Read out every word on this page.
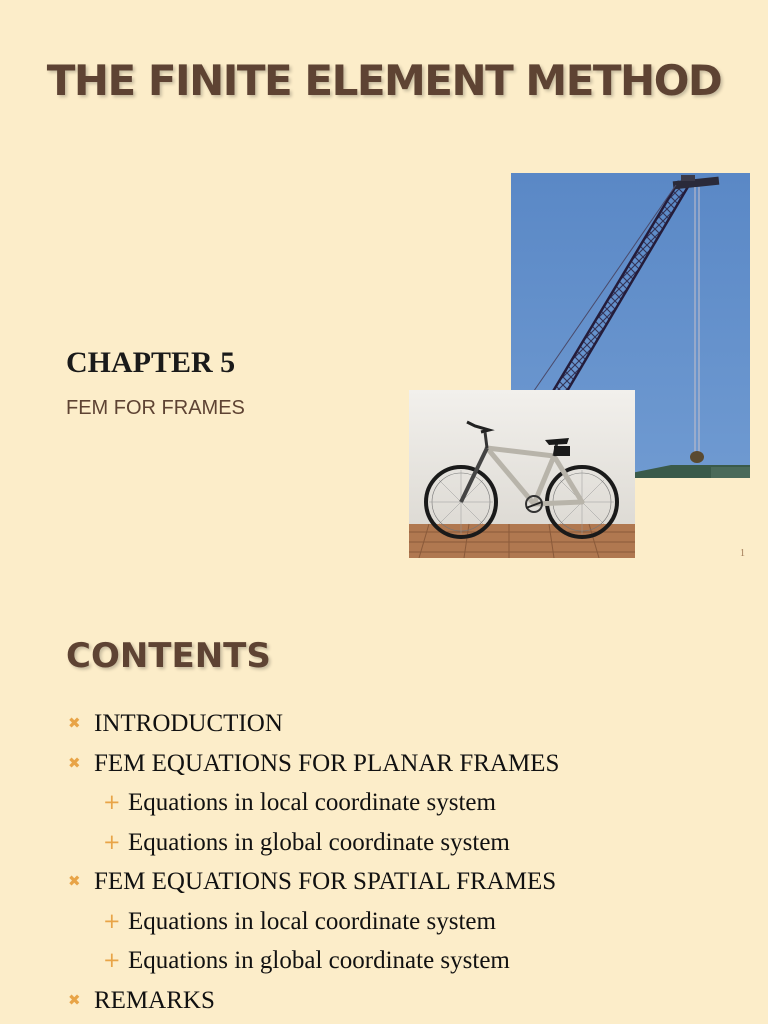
THE FINITE ELEMENT METHOD
CHAPTER 5
FEM FOR FRAMES
1
CONTENTS
✖ INTRODUCTION
✖ FEM EQUATIONS FOR PLANAR FRAMES
+ Equations in local coordinate system
+ Equations in global coordinate system
✖ FEM EQUATIONS FOR SPATIAL FRAMES
+ Equations in local coordinate system
+ Equations in global coordinate system
✖ REMARKS
